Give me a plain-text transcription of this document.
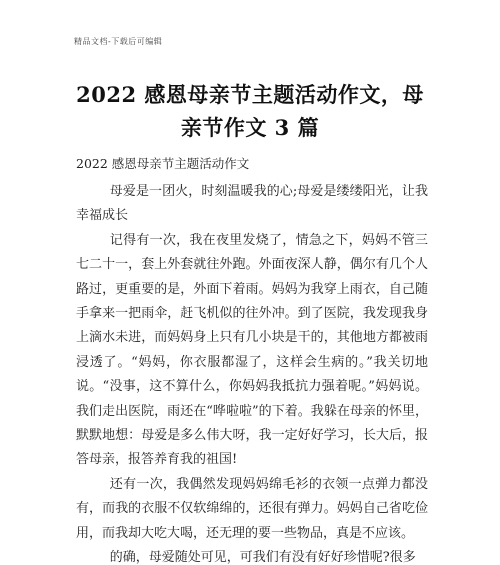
精品文档-下载后可编辑
2022 感恩母亲节主题活动作文，母亲节作文 3 篇
2022 感恩母亲节主题活动作文

母爱是一团火，时刻温暖我的心;母爱是缕缕阳光，让我幸福成长

记得有一次，我在夜里发烧了，情急之下，妈妈不管三七二十一，套上外套就往外跑。外面夜深人静，偶尔有几个人路过，更重要的是，外面下着雨。妈妈为我穿上雨衣，自己随手拿来一把雨伞，赶飞机似的往外冲。到了医院，我发现我身上滴水未进，而妈妈身上只有几小块是干的，其他地方都被雨浸透了。“妈妈，你衣服都湿了，这样会生病的。”我关切地说。“没事，这不算什么，你妈妈我抵抗力强着呢。”妈妈说。我们走出医院，雨还在“哗啦啦”的下着。我躲在母亲的怀里，默默地想：母爱是多么伟大呀，我一定好好学习，长大后，报答母亲，报答养育我的祖国!

还有一次，我偶然发现妈妈绵毛衫的衣领一点弹力都没有，而我的衣服不仅软绵绵的，还很有弹力。妈妈自己省吃俭用，而我却大吃大喝，还无理的要一些物品，真是不应该。

的确，母爱随处可见，可我们有没有好好珍惜呢?很多
